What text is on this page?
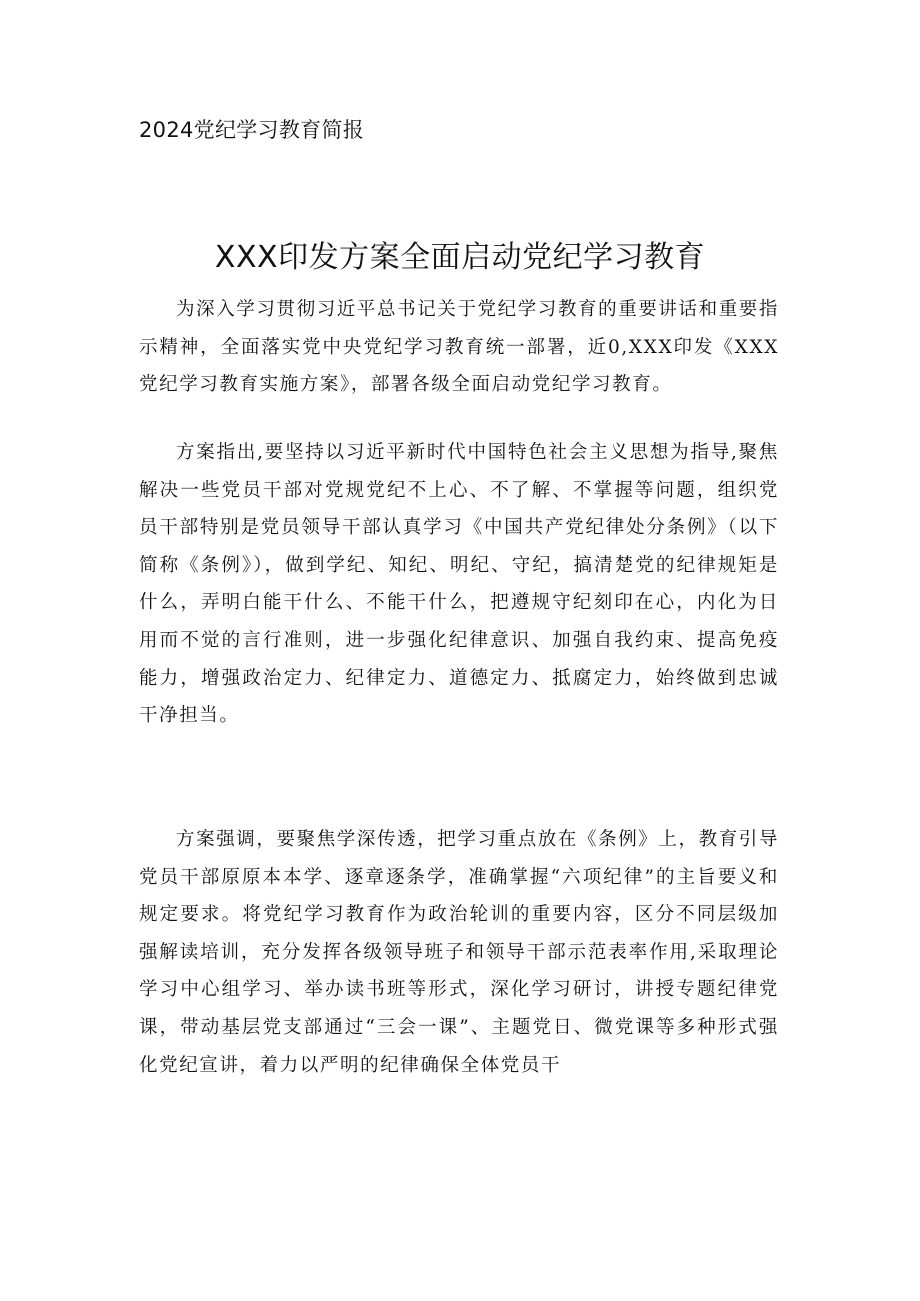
2024党纪学习教育简报
XXX印发方案全面启动党纪学习教育

为深入学习贯彻习近平总书记关于党纪学习教育的重要讲话和重要指示精神，全面落实党中央党纪学习教育统一部署，近0,XXX印发《XXX党纪学习教育实施方案》，部署各级全面启动党纪学习教育。

方案指出,要坚持以习近平新时代中国特色社会主义思想为指导,聚焦解决一些党员干部对党规党纪不上心、不了解、不掌握等问题，组织党员干部特别是党员领导干部认真学习《中国共产党纪律处分条例》（以下简称《条例》），做到学纪、知纪、明纪、守纪，搞清楚党的纪律规矩是什么，弄明白能干什么、不能干什么，把遵规守纪刻印在心，内化为日用而不觉的言行准则，进一步强化纪律意识、加强自我约束、提高免疫能力，增强政治定力、纪律定力、道德定力、抵腐定力，始终做到忠诚干净担当。

方案强调，要聚焦学深传透，把学习重点放在《条例》上，教育引导党员干部原原本本学、逐章逐条学，准确掌握“六项纪律”的主旨要义和规定要求。将党纪学习教育作为政治轮训的重要内容，区分不同层级加强解读培训，充分发挥各级领导班子和领导干部示范表率作用,采取理论学习中心组学习、举办读书班等形式，深化学习研讨，讲授专题纪律党课，带动基层党支部通过“三会一课”、主题党日、微党课等多种形式强化党纪宣讲，着力以严明的纪律确保全体党员干
